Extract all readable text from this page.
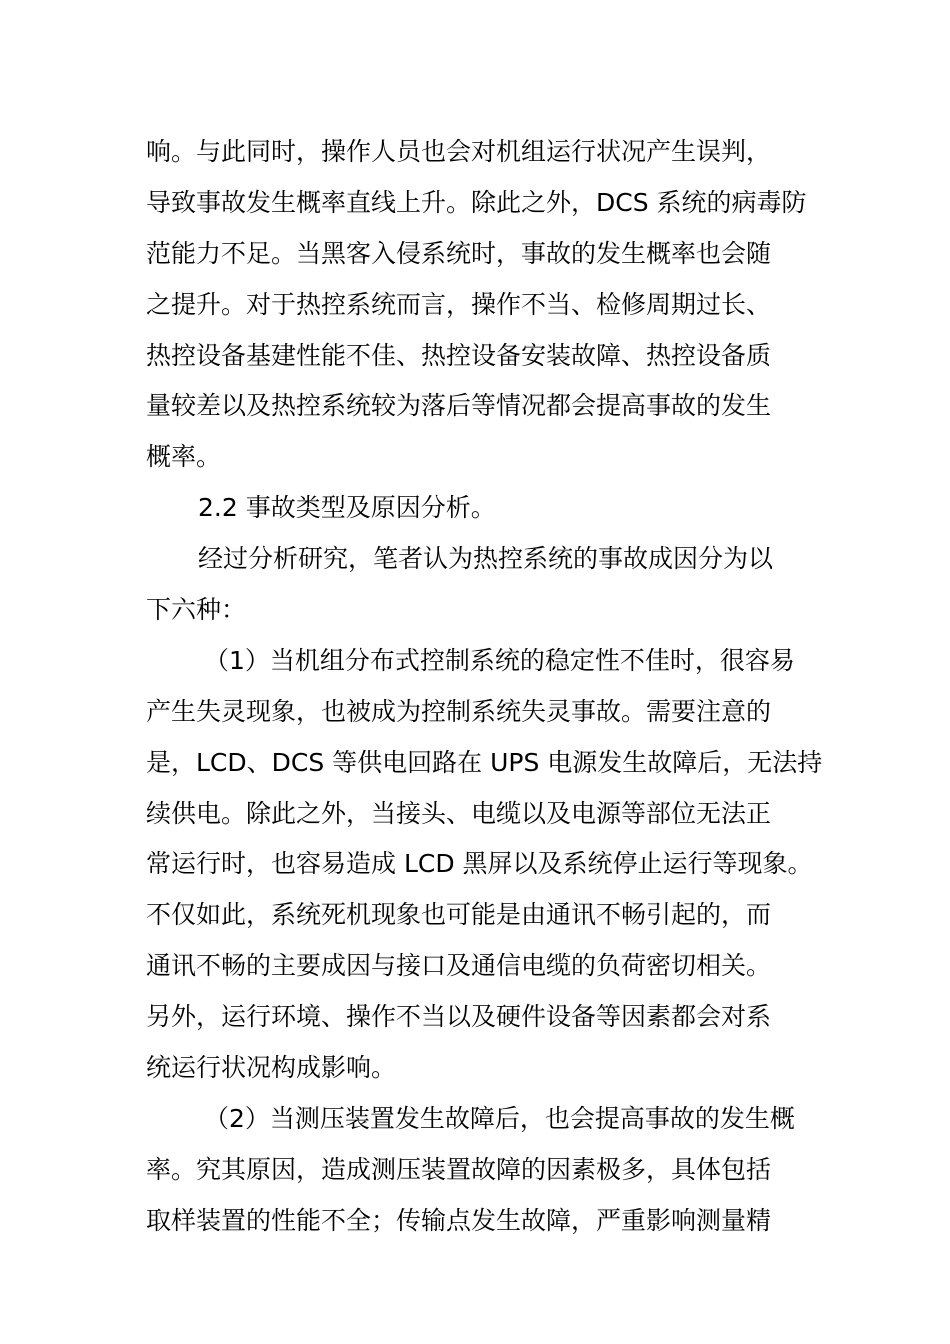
响。与此同时，操作人员也会对机组运行状况产生误判，
导致事故发生概率直线上升。除此之外，DCS 系统的病毒防
范能力不足。当黑客入侵系统时，事故的发生概率也会随
之提升。对于热控系统而言，操作不当、检修周期过长、
热控设备基建性能不佳、热控设备安装故障、热控设备质
量较差以及热控系统较为落后等情况都会提高事故的发生
概率。
2.2 事故类型及原因分析。
经过分析研究，笔者认为热控系统的事故成因分为以
下六种：
（1）当机组分布式控制系统的稳定性不佳时，很容易
产生失灵现象，也被成为控制系统失灵事故。需要注意的
是，LCD、DCS 等供电回路在 UPS 电源发生故障后，无法持
续供电。除此之外，当接头、电缆以及电源等部位无法正
常运行时，也容易造成 LCD 黑屏以及系统停止运行等现象。
不仅如此，系统死机现象也可能是由通讯不畅引起的，而
通讯不畅的主要成因与接口及通信电缆的负荷密切相关。
另外，运行环境、操作不当以及硬件设备等因素都会对系
统运行状况构成影响。
（2）当测压装置发生故障后，也会提高事故的发生概
率。究其原因，造成测压装置故障的因素极多，具体包括
取样装置的性能不全；传输点发生故障，严重影响测量精
